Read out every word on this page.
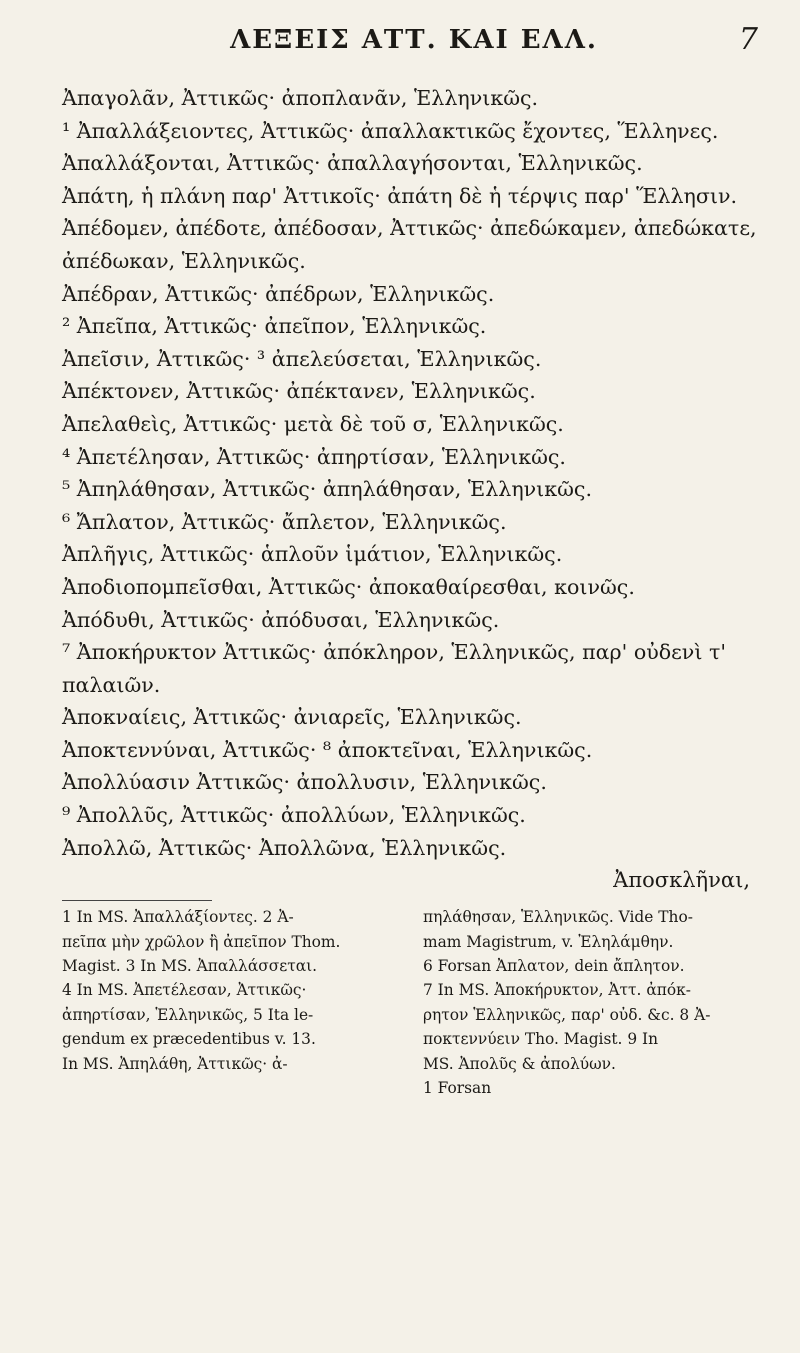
ΛΕΞΕΙΣ ΑΤΤ. ΚΑΙ ΕΛΛ.	7
Ἀπαγολᾶν, Ἀττικῶς· ἀποπλανᾶν, Ἑλληνικῶς.
¹ Ἀπαλλάξειοντες, Ἀττικῶς· ἀπαλλακτικῶς ἔχοντες, Ἕλληνες.
Ἀπαλλάξονται, Ἀττικῶς· ἀπαλλαγήσονται, Ἑλληνικῶς.
Ἀπάτη, ἡ πλάνη παρ' Ἀττικοῖς· ἀπάτη δὲ ἡ τέρψις παρ' Ἕλλησιν.
Ἀπέδομεν, ἀπέδοτε, ἀπέδοσαν, Ἀττικῶς· ἀπεδώκαμεν, ἀπεδώκατε, ἀπέδωκαν, Ἑλληνικῶς.
Ἀπέδραν, Ἀττικῶς· ἀπέδρων, Ἑλληνικῶς.
² Ἀπεῖπα, Ἀττικῶς· ἀπεῖπον, Ἑλληνικῶς.
Ἀπεῖσιν, Ἀττικῶς· ³ ἀπελεύσεται, Ἑλληνικῶς.
Ἀπέκτονεν, Ἀττικῶς· ἀπέκτανεν, Ἑλληνικῶς.
Ἀπελαθεὶς, Ἀττικῶς· μετὰ δὲ τοῦ σ, Ἑλληνικῶς.
⁴ Ἀπετέλησαν, Ἀττικῶς· ἀπηρτίσαν, Ἑλληνικῶς.
⁵ Ἀπηλάθησαν, Ἀττικῶς· ἀπηλάθησαν, Ἑλληνικῶς.
⁶ Ἄπλατον, Ἀττικῶς· ἄπλετον, Ἑλληνικῶς.
Ἀπλῆγις, Ἀττικῶς· ἁπλοῦν ἱμάτιον, Ἑλληνικῶς.
Ἀποδιοπομπεῖσθαι, Ἀττικῶς· ἀποκαθαίρεσθαι, κοινῶς.
Ἀπόδυθι, Ἀττικῶς· ἀπόδυσαι, Ἑλληνικῶς.
⁷ Ἀποκήρυκτον Ἀττικῶς· ἀπόκληρον, Ἑλληνικῶς, παρ' οὐδενὶ τ' παλαιῶν.
Ἀποκναίεις, Ἀττικῶς· ἀνιαρεῖς, Ἑλληνικῶς.
Ἀποκτεννύναι, Ἀττικῶς· ⁸ ἀποκτεῖναι, Ἑλληνικῶς.
Ἀπολλύασιν Ἀττικῶς· ἀπολλυσιν, Ἑλληνικῶς.
⁹ Ἀπολλῦς, Ἀττικῶς· ἀπολλύων, Ἑλληνικῶς.
Ἀπολλῶ, Ἀττικῶς· Ἀπολλῶνα, Ἑλληνικῶς.
Ἀποσκλῆναι,
1 In MS. Ἀπαλλάξίοντες. 2 Ἀ-
πεῖπα μὴν χρῶλον ἢ ἀπεῖπον Thom.
Magist. 3 In MS. Ἀπαλλάσσεται.
4 In MS. Ἀπετέλεσαν, Ἀττικῶς·
ἀπηρτίσαν, Ἑλληνικῶς, 5 Ita le-
gendum ex præcedentibus v. 13.
In MS. Ἀπηλάθη, Ἀττικῶς· ἀ-
πηλάθησαν, Ἑλληνικῶς. Vide Tho-
mam Magistrum, v. Ἐληλάμθην.
6 Forsan Ἀπλατον, dein ἄπλητον.
7 In MS. Ἀποκήρυκτον, Ἀττ. ἀπόκ-
ρητον Ἑλληνικῶς, παρ' οὐδ. &c. 8 Ἀ-
ποκτεννύειν Tho. Magist. 9 In
MS. Ἀπολῦς & ἀπολύων.
1 Forsan
